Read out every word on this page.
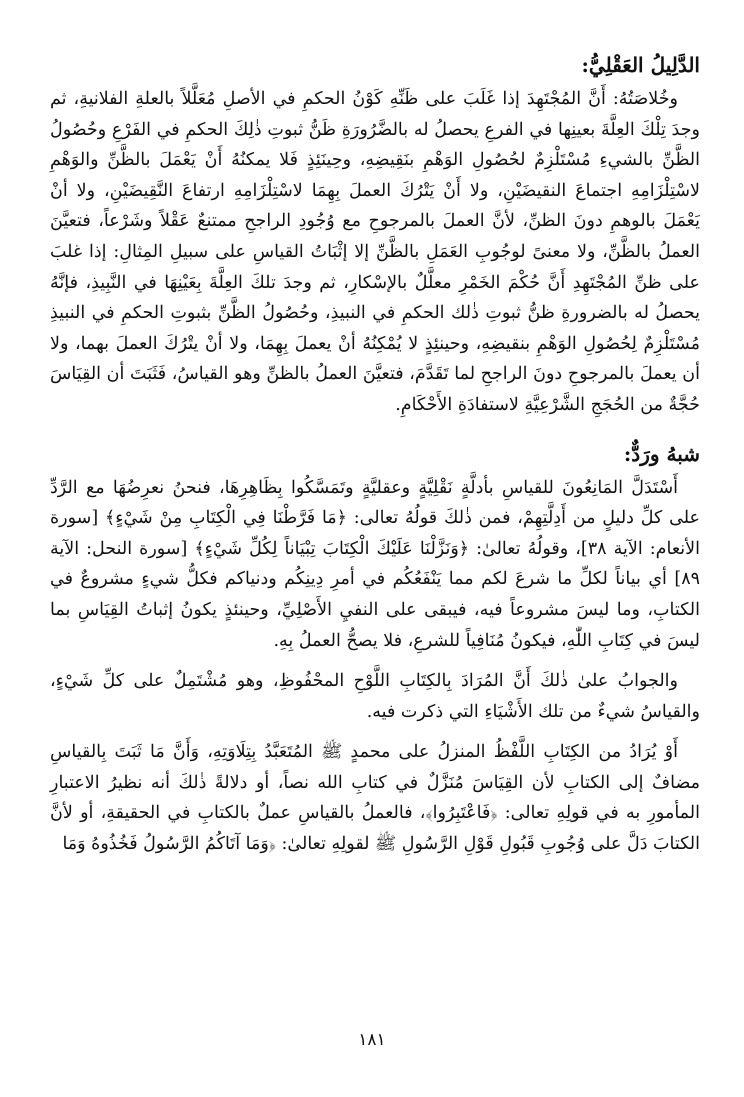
الدَّلِيلُ العَقْلِيُّ:

وخُلاصَتُهُ: أَنَّ المُجْتَهِدَ إذا غَلَبَ على ظَنِّهِ كَوْنُ الحكمِ في الأصلِ مُعَلَّلاً بالعلةِ الفلانيةِ، ثم وجدَ تِلْكَ العِلَّةَ بعينِها في الفرعِ يحصلُ له بالضَّرُورَةِ ظَنُّ ثبوتِ ذٰلِكَ الحكمِ في الفَرْعِ وحُصُولُ الظَّنِّ بالشيءِ مُسْتَلْزِمٌ لحُصُولِ الوَهْمِ بنَقِيضِهِ، وحِينَئِذٍ فَلا يمكنُهُ أَنْ يَعْمَلَ بالظَّنِّ والوَهْمِ لاسْتِلْزَامِهِ اجتماعَ النقيضَيْنِ، ولا أَنْ يَتْرُكَ العملَ بِهِمَا لاسْتِلْزَامِهِ ارتفاعَ النَّقِيضَيْنِ، ولا أنْ يَعْمَلَ بالوهمِ دونَ الظنِّ، لأنَّ العملَ بالمرجوحِ مع وُجُودِ الراجحِ ممتنعٌ عَقْلاً وشَرْعاً، فتعيَّنَ العملُ بالظَّنِّ، ولا معنىً لوجُوبِ العَمَلِ بالظَّنِّ إلا إثْبَاتُ القياسِ على سبيلِ المِثالِ: إذا غلبَ على ظنِّ المُجْتَهِدِ أَنَّ حُكْمَ الخَمْرِ معلَّلٌ بالإسْكارِ، ثم وجدَ تلكَ العِلَّةَ بِعَيْنِهَا في النَّبِيذِ، فإنَّهُ يحصلُ له بالضرورةِ ظنُّ ثبوتِ ذٰلك الحكمِ في النبيذِ، وحُصُولُ الظَّنِّ بثبوتِ الحكمِ في النبيذِ مُسْتَلْزِمٌ لِحُصُولِ الوَهْمِ بنقيضِهِ، وحينئِذٍ لا يُمْكِنُهُ أنْ يعملَ بِهِمَا، ولا أنْ يتْرُكَ العملَ بهما، ولا أن يعملَ بالمرجوحِ دونَ الراجحِ لما تَقَدَّمَ، فتعيَّنَ العملُ بالظنِّ وهو القياسُ، فَثَبَتَ أن القِيَاسَ حُجَّةٌ من الحُجَجِ الشَّرْعِيَّةِ لاستفادَةِ الأَحْكَامِ.

شبهُ ورَدٌّ:

أَسْتَدَلَّ المَانِعُونَ للقياسِ بأدلَّةٍ نَقْلِيَّةٍ وعقليَّةٍ وتَمَسَّكُوا بِظَاهِرِهَا، فنحنُ نعرِضُهَا مع الرَّدِّ على كلِّ دليلٍ من أَدِلَّتِهِمْ، فمن ذٰلكَ قولُهُ تعالى: ﴿مَا فَرَّطْنَا فِي الْكِتَابِ مِنْ شَيْءٍ﴾ [سورة الأنعام: الآية ٣٨]، وقولُهُ تعالىٰ: ﴿وَنَزَّلْنَا عَلَيْكَ الْكِتَابَ تِبْيَاناً لِكُلِّ شَيْءٍ﴾ [سورة النحل: الآية ٨٩] أي بياناً لكلِّ ما شرعَ لكم مما يَنْفَعُكُم في أمرِ دِينِكُم ودنياكم فكلُّ شيءٍ مشروعٌ في الكتابِ، وما ليسَ مشروعاً فيه، فيبقى على النفيِ الأَصْلِيِّ، وحينئذٍ يكونُ إثباتُ القِيَاسِ بما ليسَ في كِتَابِ اللّٰهِ، فيكونُ مُنَافِياً للشرعِ، فلا يصحُّ العملُ بِهِ.

والجوابُ علىٰ ذٰلكَ أَنَّ المُرَادَ بِالكِتَابِ اللَّوْحِ المحْفُوظِ، وهو مُشْتَمِلٌ على كلِّ شَيْءٍ، والقياسُ شيءٌ من تلك الأَشْيَاءِ التي ذكرت فيه.

أَوْ يُرَادُ من الكِتَابِ اللَّفْظُ المنزلُ على محمدٍ ﷺ المُتَعَبَّدُ بِتِلَاوَتِهِ، وَأَنَّ مَا ثَبَتَ بِالقياسِ مضافٌ إلى الكتابِ لأن القِيَاسَ مُنَزَّلٌ في كتابِ الله نصاً، أو دلالةً ذٰلكَ أنه نظيرُ الاعتبارِ المأمورِ به في قولِهِ تعالى: ﴿فَاعْتَبِرُوا﴾، فالعملُ بالقياسِ عملٌ بالكتابِ في الحقيقةِ، أو لأنَّ الكتابَ دَلَّ على وُجُوبِ قَبُولِ قَوْلِ الرَّسُولِ ﷺ لقولِهِ تعالىٰ: ﴿وَمَا آتَاكُمُ الرَّسُولُ فَخُذُوهُ وَمَا

١٨١
